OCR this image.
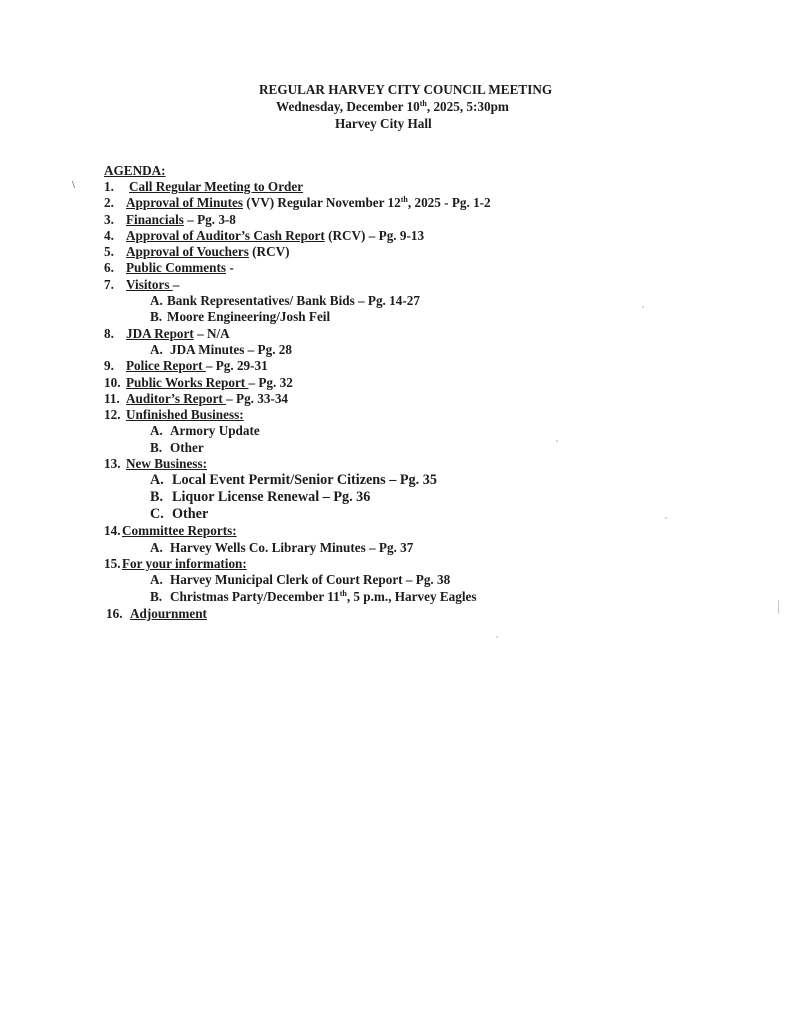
REGULAR HARVEY CITY COUNCIL MEETING
Wednesday, December 10th, 2025, 5:30pm
Harvey City Hall
\
AGENDA:
1. Call Regular Meeting to Order
2. Approval of Minutes (VV) Regular November 12th, 2025 - Pg. 1-2
3. Financials – Pg. 3-8
4. Approval of Auditor’s Cash Report (RCV) – Pg. 9-13
5. Approval of Vouchers (RCV)
6. Public Comments -
7. Visitors –
A. Bank Representatives/ Bank Bids – Pg. 14-27
B. Moore Engineering/Josh Feil
8. JDA Report – N/A
A. JDA Minutes – Pg. 28
9. Police Report – Pg. 29-31
10. Public Works Report – Pg. 32
11. Auditor’s Report – Pg. 33-34
12. Unfinished Business:
A. Armory Update
B. Other
13. New Business:
A. Local Event Permit/Senior Citizens – Pg. 35
B. Liquor License Renewal – Pg. 36
C. Other
14. Committee Reports:
A. Harvey Wells Co. Library Minutes – Pg. 37
15. For your information:
A. Harvey Municipal Clerk of Court Report – Pg. 38
B. Christmas Party/December 11th, 5 p.m., Harvey Eagles
16. Adjournment
